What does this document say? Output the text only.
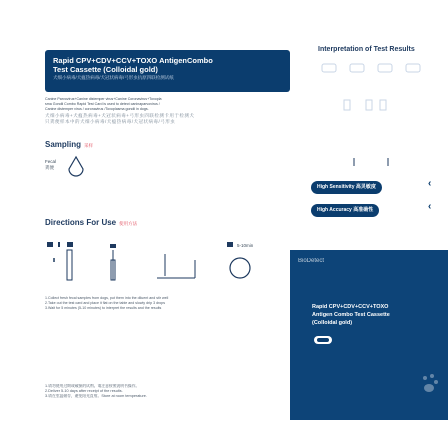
Rapid CPV+CDV+CCV+TOXO AntigenCombo
Test Cassette (Colloidal gold)
犬细小病毒/犬瘟热病毒/犬冠状病毒/弓形虫抗原四联检测试纸
Canine Parvovirus+Canine distemper virus+Canine Coronavirus+Toxopla
sma Gondii Combo Rapid Test Card is used to detect caninaparvovirus /
Canine distemper virus / coronavirus /Toxoplasma gondii in dogs.
犬细小病毒+犬瘟热病毒+犬冠状病毒+弓形虫四联检测卡用于检测犬
只粪便样本中的犬细小病毒/犬瘟热病毒/犬冠状病毒/弓形虫
Sampling 采样
Fecal
粪便
Directions For Use 使用方法
5-10min
1.Collect fresh fecal samples from dogs, put them into the diluent and stir well
2.Take out the test card and place it flat on the table and slowly drip 3 drops
3.Wait for 5 minutes (5-10 minutes) to interpret the results and the results
1.请勿使用过期或破损的试剂。请注意按照说明书操作。
2.Deliver 5-10 days after receipt of the results.
3.请在室温储存，避免阳光直射。Store at room temperature.
Interpretation of Test Results
High Sensitivity 高灵敏度	‹
High Accuracy 高准确性	‹
BioDetect
Rapid CPV+CDV+CCV+TOXO
Antigen Combo Test Cassette
(Colloidal gold)
